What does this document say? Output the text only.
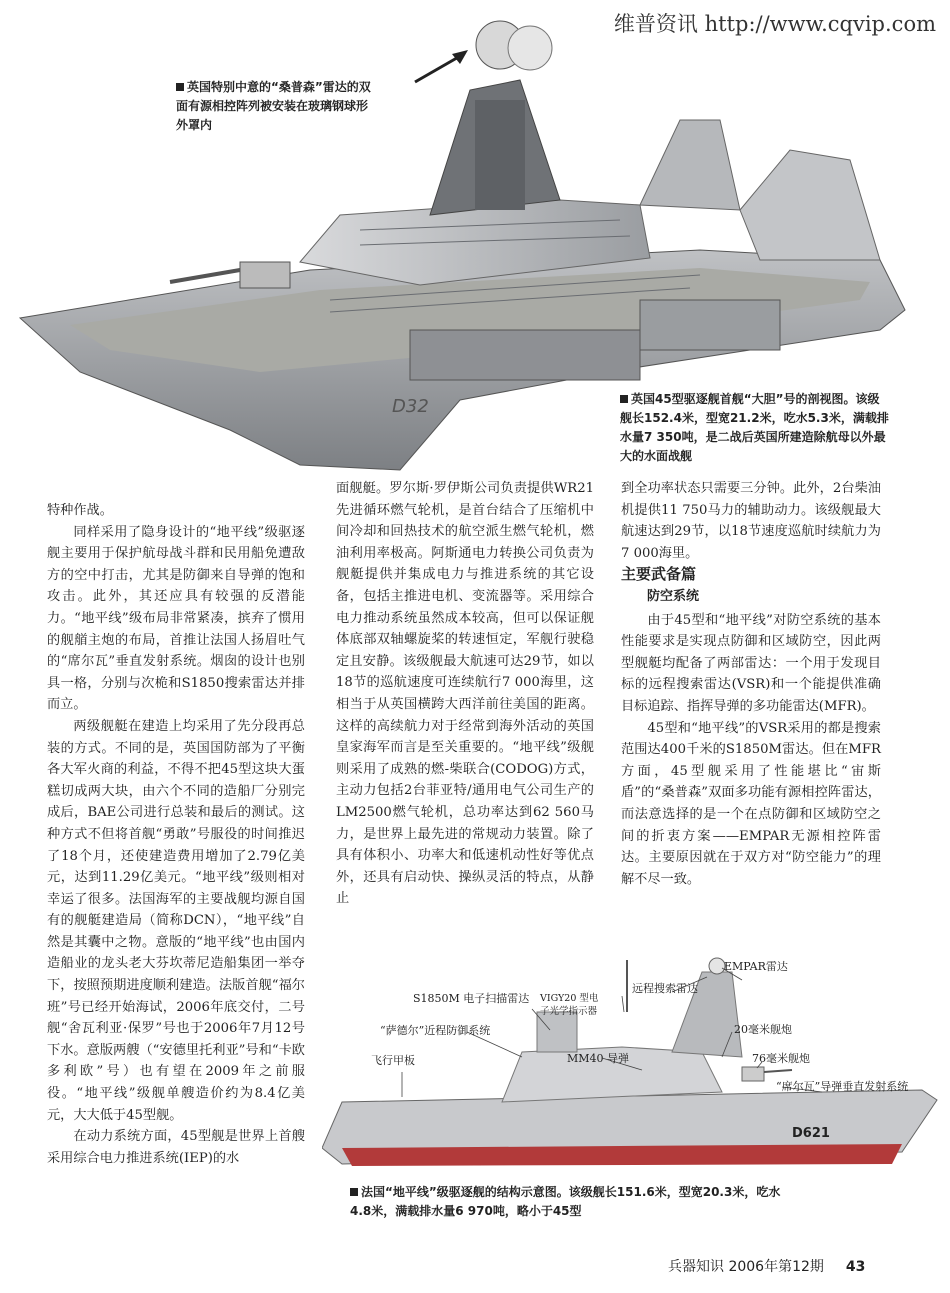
维普资讯 http://www.cqvip.com
D32
英国特别中意的“桑普森”雷达的双面有源相控阵列被安装在玻璃钢球形外罩内
英国45型驱逐舰首舰“大胆”号的剖视图。该级舰长152.4米，型宽21.2米，吃水5.3米，满载排水量7 350吨，是二战后英国所建造除航母以外最大的水面战舰

特种作战。

同样采用了隐身设计的“地平线”级驱逐舰主要用于保护航母战斗群和民用船免遭敌方的空中打击，尤其是防御来自导弹的饱和攻击。此外，其还应具有较强的反潜能力。“地平线”级布局非常紧凑，摈弃了惯用的舰艏主炮的布局，首推让法国人扬眉吐气的“席尔瓦”垂直发射系统。烟囱的设计也别具一格，分别与次桅和S1850搜索雷达并排而立。

两级舰艇在建造上均采用了先分段再总装的方式。不同的是，英国国防部为了平衡各大军火商的利益，不得不把45型这块大蛋糕切成两大块，由六个不同的造船厂分别完成后，BAE公司进行总装和最后的测试。这种方式不但将首舰“勇敢”号服役的时间推迟了18个月，还使建造费用增加了2.79亿美元，达到11.29亿美元。“地平线”级则相对幸运了很多。法国海军的主要战舰均源自国有的舰艇建造局（简称DCN），“地平线”自然是其囊中之物。意版的“地平线”也由国内造船业的龙头老大芬坎蒂尼造船集团一举夺下，按照预期进度顺利建造。法版首舰“福尔班”号已经开始海试，2006年底交付，二号舰“舍瓦利亚·保罗”号也于2006年7月12号下水。意版两艘（“安德里托利亚”号和“卡欧多利欧”号）也有望在2009年之前服役。“地平线”级舰单艘造价约为8.4亿美元，大大低于45型舰。

在动力系统方面，45型舰是世界上首艘采用综合电力推进系统(IEP)的水

面舰艇。罗尔斯·罗伊斯公司负责提供WR21先进循环燃气轮机，是首台结合了压缩机中间冷却和回热技术的航空派生燃气轮机，燃油利用率极高。阿斯通电力转换公司负责为舰艇提供并集成电力与推进系统的其它设备，包括主推进电机、变流器等。采用综合电力推动系统虽然成本较高，但可以保证舰体底部双轴螺旋桨的转速恒定，军舰行驶稳定且安静。该级舰最大航速可达29节，如以18节的巡航速度可连续航行7 000海里，这相当于从英国横跨大西洋前往美国的距离。这样的高续航力对于经常到海外活动的英国皇家海军而言是至关重要的。“地平线”级舰则采用了成熟的燃-柴联合(CODOG)方式，主动力包括2台菲亚特/通用电气公司生产的LM2500燃气轮机，总功率达到62 560马力，是世界上最先进的常规动力装置。除了具有体积小、功率大和低速机动性好等优点外，还具有启动快、操纵灵活的特点，从静止

到全功率状态只需要三分钟。此外，2台柴油机提供11 750马力的辅助动力。该级舰最大航速达到29节，以18节速度巡航时续航力为7 000海里。

主要武备篇

防空系统

由于45型和“地平线”对防空系统的基本性能要求是实现点防御和区域防空，因此两型舰艇均配备了两部雷达：一个用于发现目标的远程搜索雷达(VSR)和一个能提供准确目标追踪、指挥导弹的多功能雷达(MFR)。

45型和“地平线”的VSR采用的都是搜索范围达400千米的S1850M雷达。但在MFR方面，45型舰采用了性能堪比“宙斯盾”的“桑普森”双面多功能有源相控阵雷达，而法意选择的是一个在点防御和区域防空之间的折衷方案——EMPAR无源相控阵雷达。主要原因就在于双方对“防空能力”的理解不尽一致。

D621
EMPAR雷达
S1850M 电子扫描雷达 VIGY20 型电子光学指示器
远程搜索雷达
“萨德尔”近程防御系统	20毫米舰炮
MM40 导弹	76毫米舰炮
飞行甲板
“席尔瓦”导弹垂直发射系统
法国“地平线”级驱逐舰的结构示意图。该级舰长151.6米，型宽20.3米，吃水4.8米，满载排水量6 970吨，略小于45型
兵器知识 2006年第12期 43
